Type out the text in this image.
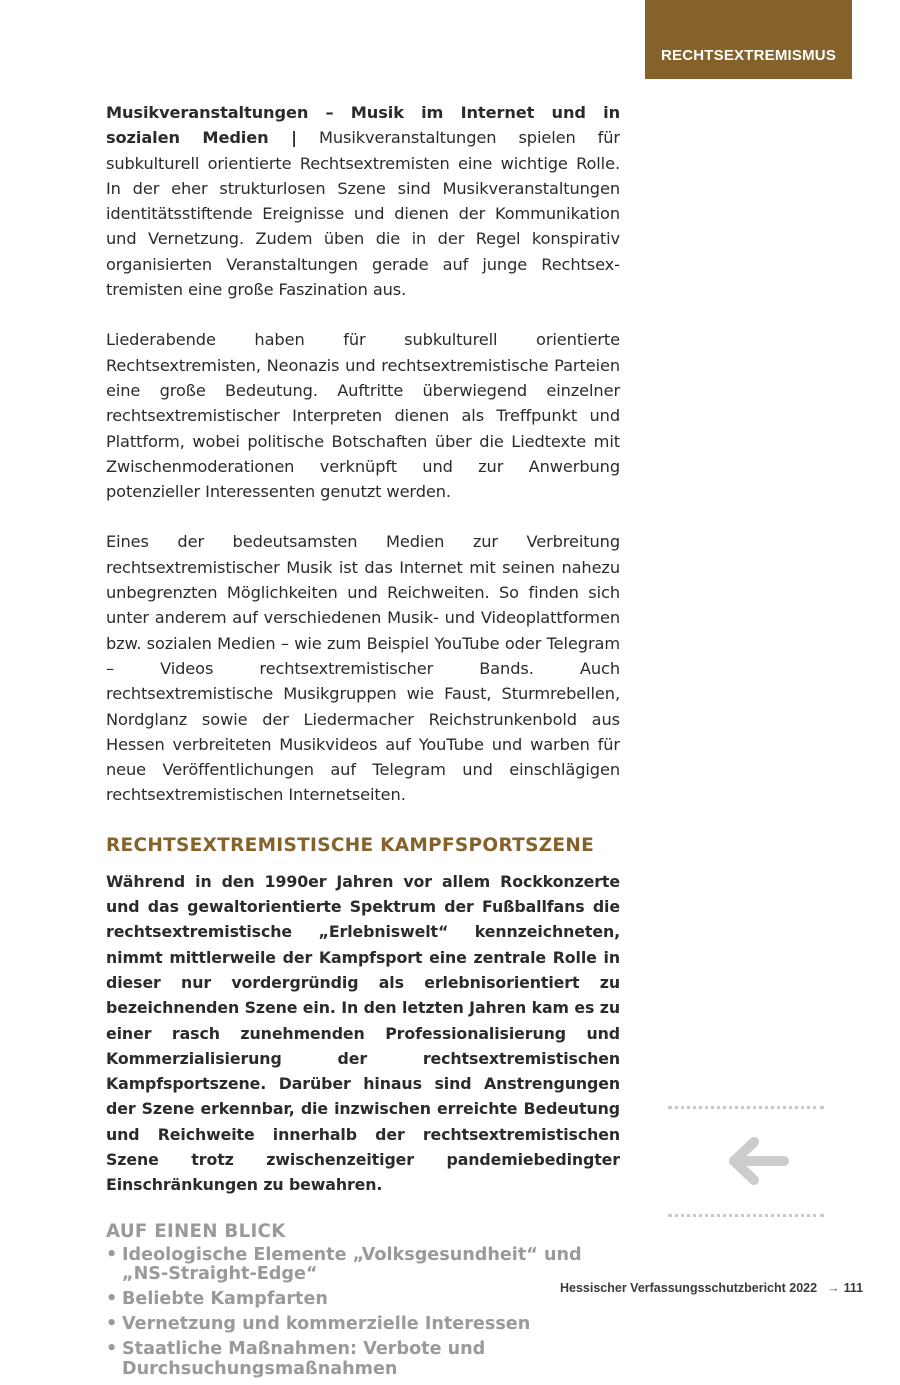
RECHTSEXTREMISMUS

Musikveranstaltungen – Musik im Internet und in sozialen Medien | Musikveranstaltungen spielen für subkulturell orientierte Rechtsextremisten eine wichtige Rolle. In der eher strukturlosen Szene sind Musikveranstaltungen identitätsstiftende Ereignisse und dienen der Kommunikation und Vernetzung. Zudem üben die in der Regel konspirativ organisierten Veranstaltungen gerade auf junge Rechtsextremisten eine große Faszination aus.

Liederabende haben für subkulturell orientierte Rechtsextremisten, Neonazis und rechtsextremistische Parteien eine große Bedeutung. Auftritte überwiegend einzelner rechtsextremistischer Interpreten dienen als Treffpunkt und Plattform, wobei politische Botschaften über die Liedtexte mit Zwischenmoderationen verknüpft und zur Anwerbung potenzieller Interessenten genutzt werden.

Eines der bedeutsamsten Medien zur Verbreitung rechtsextremistischer Musik ist das Internet mit seinen nahezu unbegrenzten Möglichkeiten und Reichweiten. So finden sich unter anderem auf verschiedenen Musik- und Videoplattformen bzw. sozialen Medien – wie zum Beispiel YouTube oder Telegram – Videos rechtsextremistischer Bands. Auch rechtsextremistische Musikgruppen wie Faust, Sturmrebellen, Nordglanz sowie der Liedermacher Reichstrunkenbold aus Hessen verbreiteten Musikvideos auf YouTube und warben für neue Veröffentlichungen auf Telegram und einschlägigen rechtsextremistischen Internetseiten.

RECHTSEXTREMISTISCHE KAMPFSPORTSZENE

Während in den 1990er Jahren vor allem Rockkonzerte und das gewaltorientierte Spektrum der Fußballfans die rechtsextremistische „Erlebniswelt“ kennzeichneten, nimmt mittlerweile der Kampfsport eine zentrale Rolle in dieser nur vordergründig als erlebnisorientiert zu bezeichnenden Szene ein. In den letzten Jahren kam es zu einer rasch zunehmenden Professionalisierung und Kommerzialisierung der rechtsextremistischen Kampfsportszene. Darüber hinaus sind Anstrengungen der Szene erkennbar, die inzwischen erreichte Bedeutung und Reichweite innerhalb der rechtsextremistischen Szene trotz zwischenzeitiger pandemiebedingter Einschränkungen zu bewahren.

AUF EINEN BLICK
• Ideologische Elemente „Volksgesundheit“ und „NS-Straight-Edge“
• Beliebte Kampfarten
• Vernetzung und kommerzielle Interessen
• Staatliche Maßnahmen: Verbote und Durchsuchungsmaßnahmen
Hessischer Verfassungsschutzbericht 2022 → 111
